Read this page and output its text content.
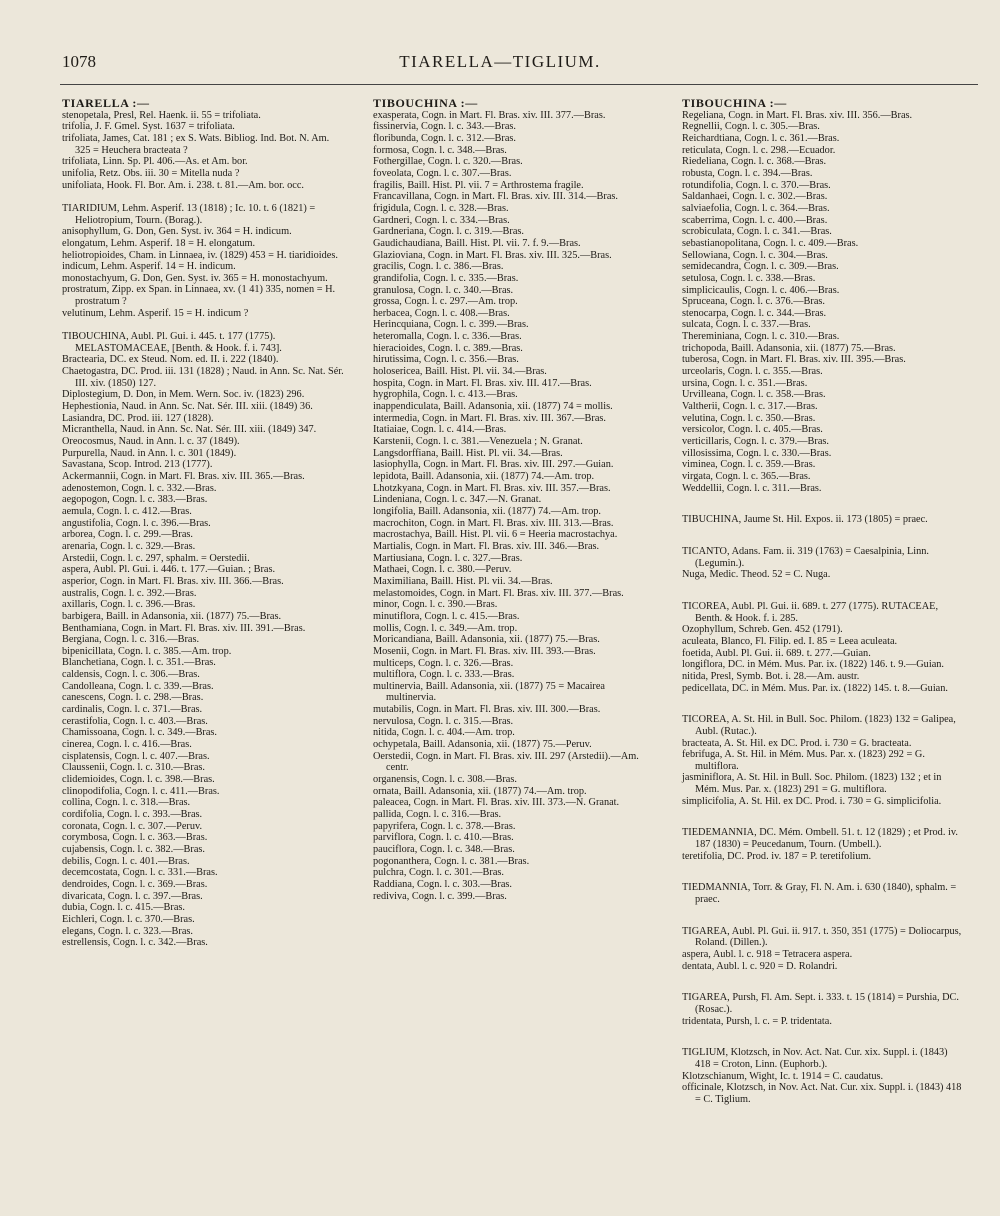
1078	TIARELLA—TIGLIUM.

TIARELLA :—

stenopetala, Presl, Rel. Haenk. ii. 55 = trifoliata.

trifolia, J. F. Gmel. Syst. 1637 = trifoliata.

trifoliata, James, Cat. 181 ; ex S. Wats. Bibliog. Ind. Bot. N. Am. 325 = Heuchera bracteata ?

trifoliata, Linn. Sp. Pl. 406.—As. et Am. bor.

unifolia, Retz. Obs. iii. 30 = Mitella nuda ?

unifoliata, Hook. Fl. Bor. Am. i. 238. t. 81.—Am. bor. occ.

TIARIDIUM, Lehm. Asperif. 13 (1818) ; Ic. 10. t. 6 (1821) = Heliotropium, Tourn. (Borag.).

anisophyllum, G. Don, Gen. Syst. iv. 364 = H. indicum.

elongatum, Lehm. Asperif. 18 = H. elongatum.

heliotropioides, Cham. in Linnaea, iv. (1829) 453 = H. tiaridioides.

indicum, Lehm. Asperif. 14 = H. indicum.

monostachyum, G. Don, Gen. Syst. iv. 365 = H. monostachyum.

prostratum, Zipp. ex Span. in Linnaea, xv. (1 41) 335, nomen = H. prostratum ?

velutinum, Lehm. Asperif. 15 = H. indicum ?

TIBOUCHINA, Aubl. Pl. Gui. i. 445. t. 177 (1775). MELASTOMACEAE, [Benth. & Hook. f. i. 743].

Bractearia, DC. ex Steud. Nom. ed. II. i. 222 (1840).

Chaetogastra, DC. Prod. iii. 131 (1828) ; Naud. in Ann. Sc. Nat. Sér. III. xiv. (1850) 127.

Diplostegium, D. Don, in Mem. Wern. Soc. iv. (1823) 296.

Hephestionia, Naud. in Ann. Sc. Nat. Sér. III. xiii. (1849) 36.

Lasiandra, DC. Prod. iii. 127 (1828).

Micranthella, Naud. in Ann. Sc. Nat. Sér. III. xiii. (1849) 347.

Oreocosmus, Naud. in Ann. l. c. 37 (1849).

Purpurella, Naud. in Ann. l. c. 301 (1849).

Savastana, Scop. Introd. 213 (1777).

Ackermannii, Cogn. in Mart. Fl. Bras. xiv. III. 365.—Bras.

adenostemon, Cogn. l. c. 332.—Bras.

aegopogon, Cogn. l. c. 383.—Bras.

aemula, Cogn. l. c. 412.—Bras.

angustifolia, Cogn. l. c. 396.—Bras.

arborea, Cogn. l. c. 299.—Bras.

arenaria, Cogn. l. c. 329.—Bras.

Arstedii, Cogn. l. c. 297, sphalm. = Oerstedii.

aspera, Aubl. Pl. Gui. i. 446. t. 177.—Guian. ; Bras.

asperior, Cogn. in Mart. Fl. Bras. xiv. III. 366.—Bras.

australis, Cogn. l. c. 392.—Bras.

axillaris, Cogn. l. c. 396.—Bras.

barbigera, Baill. in Adansonia, xii. (1877) 75.—Bras.

Benthamiana, Cogn. in Mart. Fl. Bras. xiv. III. 391.—Bras.

Bergiana, Cogn. l. c. 316.—Bras.

bipenicillata, Cogn. l. c. 385.—Am. trop.

Blanchetiana, Cogn. l. c. 351.—Bras.

caldensis, Cogn. l. c. 306.—Bras.

Candolleana, Cogn. l. c. 339.—Bras.

canescens, Cogn. l. c. 298.—Bras.

cardinalis, Cogn. l. c. 371.—Bras.

cerastifolia, Cogn. l. c. 403.—Bras.

Chamissoana, Cogn. l. c. 349.—Bras.

cinerea, Cogn. l. c. 416.—Bras.

cisplatensis, Cogn. l. c. 407.—Bras.

Claussenii, Cogn. l. c. 310.—Bras.

clidemioides, Cogn. l. c. 398.—Bras.

clinopodifolia, Cogn. l. c. 411.—Bras.

collina, Cogn. l. c. 318.—Bras.

cordifolia, Cogn. l. c. 393.—Bras.

coronata, Cogn. l. c. 307.—Peruv.

corymbosa, Cogn. l. c. 363.—Bras.

cujabensis, Cogn. l. c. 382.—Bras.

debilis, Cogn. l. c. 401.—Bras.

decemcostata, Cogn. l. c. 331.—Bras.

dendroides, Cogn. l. c. 369.—Bras.

divaricata, Cogn. l. c. 397.—Bras.

dubia, Cogn. l. c. 415.—Bras.

Eichleri, Cogn. l. c. 370.—Bras.

elegans, Cogn. l. c. 323.—Bras.

estrellensis, Cogn. l. c. 342.—Bras.

TIBOUCHINA :—

exasperata, Cogn. in Mart. Fl. Bras. xiv. III. 377.—Bras.

fissinervia, Cogn. l. c. 343.—Bras.

floribunda, Cogn. l. c. 312.—Bras.

formosa, Cogn. l. c. 348.—Bras.

Fothergillae, Cogn. l. c. 320.—Bras.

foveolata, Cogn. l. c. 307.—Bras.

fragilis, Baill. Hist. Pl. vii. 7 = Arthrostema fragile.

Francavillana, Cogn. in Mart. Fl. Bras. xiv. III. 314.—Bras.

frigidula, Cogn. l. c. 328.—Bras.

Gardneri, Cogn. l. c. 334.—Bras.

Gardneriana, Cogn. l. c. 319.—Bras.

Gaudichaudiana, Baill. Hist. Pl. vii. 7. f. 9.—Bras.

Glazioviana, Cogn. in Mart. Fl. Bras. xiv. III. 325.—Bras.

gracilis, Cogn. l. c. 386.—Bras.

grandifolia, Cogn. l. c. 335.—Bras.

granulosa, Cogn. l. c. 340.—Bras.

grossa, Cogn. l. c. 297.—Am. trop.

herbacea, Cogn. l. c. 408.—Bras.

Herincquiana, Cogn. l. c. 399.—Bras.

heteromalla, Cogn. l. c. 336.—Bras.

hieracioides, Cogn. l. c. 389.—Bras.

hirutissima, Cogn. l. c. 356.—Bras.

holosericea, Baill. Hist. Pl. vii. 34.—Bras.

hospita, Cogn. in Mart. Fl. Bras. xiv. III. 417.—Bras.

hygrophila, Cogn. l. c. 413.—Bras.

inappendiculata, Baill. Adansonia, xii. (1877) 74 = mollis.

intermedia, Cogn. in Mart. Fl. Bras. xiv. III. 367.—Bras.

Itatiaiae, Cogn. l. c. 414.—Bras.

Karstenii, Cogn. l. c. 381.—Venezuela ; N. Granat.

Langsdorffiana, Baill. Hist. Pl. vii. 34.—Bras.

lasiophylla, Cogn. in Mart. Fl. Bras. xiv. III. 297.—Guian.

lepidota, Baill. Adansonia, xii. (1877) 74.—Am. trop.

Lhotzkyana, Cogn. in Mart. Fl. Bras. xiv. III. 357.—Bras.

Lindeniana, Cogn. l. c. 347.—N. Granat.

longifolia, Baill. Adansonia, xii. (1877) 74.—Am. trop.

macrochiton, Cogn. in Mart. Fl. Bras. xiv. III. 313.—Bras.

macrostachya, Baill. Hist. Pl. vii. 6 = Heeria macrostachya.

Martialis, Cogn. in Mart. Fl. Bras. xiv. III. 346.—Bras.

Martiusiana, Cogn. l. c. 327.—Bras.

Mathaei, Cogn. l. c. 380.—Peruv.

Maximiliana, Baill. Hist. Pl. vii. 34.—Bras.

melastomoides, Cogn. in Mart. Fl. Bras. xiv. III. 377.—Bras.

minor, Cogn. l. c. 390.—Bras.

minutiflora, Cogn. l. c. 415.—Bras.

mollis, Cogn. l. c. 349.—Am. trop.

Moricandiana, Baill. Adansonia, xii. (1877) 75.—Bras.

Mosenii, Cogn. in Mart. Fl. Bras. xiv. III. 393.—Bras.

multiceps, Cogn. l. c. 326.—Bras.

multiflora, Cogn. l. c. 333.—Bras.

multinervia, Baill. Adansonia, xii. (1877) 75 = Macairea multinervia.

mutabilis, Cogn. in Mart. Fl. Bras. xiv. III. 300.—Bras.

nervulosa, Cogn. l. c. 315.—Bras.

nitida, Cogn. l. c. 404.—Am. trop.

ochypetala, Baill. Adansonia, xii. (1877) 75.—Peruv.

Oerstedii, Cogn. in Mart. Fl. Bras. xiv. III. 297 (Arstedii).—Am. centr.

organensis, Cogn. l. c. 308.—Bras.

ornata, Baill. Adansonia, xii. (1877) 74.—Am. trop.

paleacea, Cogn. in Mart. Fl. Bras. xiv. III. 373.—N. Granat.

pallida, Cogn. l. c. 316.—Bras.

papyrifera, Cogn. l. c. 378.—Bras.

parviflora, Cogn. l. c. 410.—Bras.

pauciflora, Cogn. l. c. 348.—Bras.

pogonanthera, Cogn. l. c. 381.—Bras.

pulchra, Cogn. l. c. 301.—Bras.

Raddiana, Cogn. l. c. 303.—Bras.

rediviva, Cogn. l. c. 399.—Bras.

TIBOUCHINA :—

Regeliana, Cogn. in Mart. Fl. Bras. xiv. III. 356.—Bras.

Regnellii, Cogn. l. c. 305.—Bras.

Reichardtiana, Cogn. l. c. 361.—Bras.

reticulata, Cogn. l. c. 298.—Ecuador.

Riedeliana, Cogn. l. c. 368.—Bras.

robusta, Cogn. l. c. 394.—Bras.

rotundifolia, Cogn. l. c. 370.—Bras.

Saldanhaei, Cogn. l. c. 302.—Bras.

salviaefolia, Cogn. l. c. 364.—Bras.

scaberrima, Cogn. l. c. 400.—Bras.

scrobiculata, Cogn. l. c. 341.—Bras.

sebastianopolitana, Cogn. l. c. 409.—Bras.

Sellowiana, Cogn. l. c. 304.—Bras.

semidecandra, Cogn. l. c. 309.—Bras.

setulosa, Cogn. l. c. 338.—Bras.

simplicicaulis, Cogn. l. c. 406.—Bras.

Spruceana, Cogn. l. c. 376.—Bras.

stenocarpa, Cogn. l. c. 344.—Bras.

sulcata, Cogn. l. c. 337.—Bras.

Thereminiana, Cogn. l. c. 310.—Bras.

trichopoda, Baill. Adansonia, xii. (1877) 75.—Bras.

tuberosa, Cogn. in Mart. Fl. Bras. xiv. III. 395.—Bras.

urceolaris, Cogn. l. c. 355.—Bras.

ursina, Cogn. l. c. 351.—Bras.

Urvilleana, Cogn. l. c. 358.—Bras.

Valtherii, Cogn. l. c. 317.—Bras.

velutina, Cogn. l. c. 350.—Bras.

versicolor, Cogn. l. c. 405.—Bras.

verticillaris, Cogn. l. c. 379.—Bras.

villosissima, Cogn. l. c. 330.—Bras.

viminea, Cogn. l. c. 359.—Bras.

virgata, Cogn. l. c. 365.—Bras.

Weddellii, Cogn. l. c. 311.—Bras.

TIBUCHINA, Jaume St. Hil. Expos. ii. 173 (1805) = praec.

TICANTO, Adans. Fam. ii. 319 (1763) = Caesalpinia, Linn. (Legumin.).

Nuga, Medic. Theod. 52 = C. Nuga.

TICOREA, Aubl. Pl. Gui. ii. 689. t. 277 (1775). RUTACEAE, Benth. & Hook. f. i. 285.

Ozophyllum, Schreb. Gen. 452 (1791).

aculeata, Blanco, Fl. Filip. ed. I. 85 = Leea aculeata.

foetida, Aubl. Pl. Gui. ii. 689. t. 277.—Guian.

longiflora, DC. in Mém. Mus. Par. ix. (1822) 146. t. 9.—Guian.

nitida, Presl, Symb. Bot. i. 28.—Am. austr.

pedicellata, DC. in Mém. Mus. Par. ix. (1822) 145. t. 8.—Guian.

TICOREA, A. St. Hil. in Bull. Soc. Philom. (1823) 132 = Galipea, Aubl. (Rutac.).

bracteata, A. St. Hil. ex DC. Prod. i. 730 = G. bracteata.

febrifuga, A. St. Hil. in Mém. Mus. Par. x. (1823) 292 = G. multiflora.

jasminiflora, A. St. Hil. in Bull. Soc. Philom. (1823) 132 ; et in Mém. Mus. Par. x. (1823) 291 = G. multiflora.

simplicifolia, A. St. Hil. ex DC. Prod. i. 730 = G. simplicifolia.

TIEDEMANNIA, DC. Mém. Ombell. 51. t. 12 (1829) ; et Prod. iv. 187 (1830) = Peucedanum, Tourn. (Umbell.).

teretifolia, DC. Prod. iv. 187 = P. teretifolium.

TIEDMANNIA, Torr. & Gray, Fl. N. Am. i. 630 (1840), sphalm. = praec.

TIGAREA, Aubl. Pl. Gui. ii. 917. t. 350, 351 (1775) = Doliocarpus, Roland. (Dillen.).

aspera, Aubl. l. c. 918 = Tetracera aspera.

dentata, Aubl. l. c. 920 = D. Rolandri.

TIGAREA, Pursh, Fl. Am. Sept. i. 333. t. 15 (1814) = Purshia, DC. (Rosac.).

tridentata, Pursh, l. c. = P. tridentata.

TIGLIUM, Klotzsch, in Nov. Act. Nat. Cur. xix. Suppl. i. (1843) 418 = Croton, Linn. (Euphorb.).

Klotzschianum, Wight, Ic. t. 1914 = C. caudatus.

officinale, Klotzsch, in Nov. Act. Nat. Cur. xix. Suppl. i. (1843) 418 = C. Tiglium.
